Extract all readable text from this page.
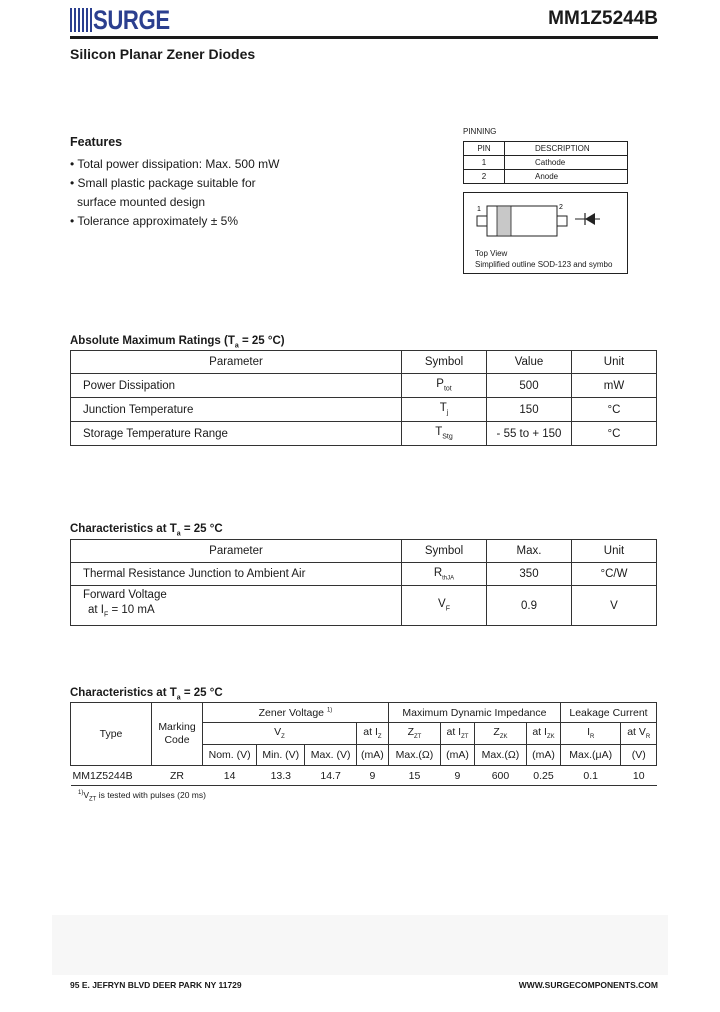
SURGE	MM1Z5244B
Silicon Planar Zener Diodes
Features
• Total power dissipation: Max. 500 mW
• Small plastic package suitable for
surface mounted design
• Tolerance approximately ± 5%
PINNING
PIN	DESCRIPTION
1	Cathode
2	Anode
1	2
Top View
Simplified outline SOD-123 and symbo
Absolute Maximum Ratings ($T_a = 25$ °C)
Parameter	Symbol	Value	Unit
Power Dissipation	$P_{tot}$	500	mW
Junction Temperature	$T_j$	150	°C
Storage Temperature Range	$T_{Stg}$	- 55 to + 150	°C
Characteristics at $T_a = 25$ °C
Parameter	Symbol	Max.	Unit
Thermal Resistance Junction to Ambient Air	$R_{thJA}$	350	°C/W

Forward Voltage
at $I_F = 10$ mA	$V_F$	0.9	V
Characteristics at $T_a = 25$ °C
Type	Marking Code	Zener Voltage $^{1)}$				Maximum Dynamic Impedance				Leakage Current	
		$V_Z$			at $I_Z$	$Z_{ZT}$	at $I_{ZT}$	$Z_{ZK}$	at $I_{ZK}$	$I_R$	at $V_R$
		Nom. (V)	Min. (V)	Max. (V)	(mA)	Max.(Ω)	(mA)	Max.(Ω)	(mA)	Max.(μA)	(V)
MM1Z5244B	ZR	14	13.3	14.7	9	15	9	600	0.25	0.1	10
$^{1)}V_{ZT}$ is tested with pulses (20 ms)
95 E. JEFRYN BLVD DEER PARK NY 11729	WWW.SURGECOMPONENTS.COM
